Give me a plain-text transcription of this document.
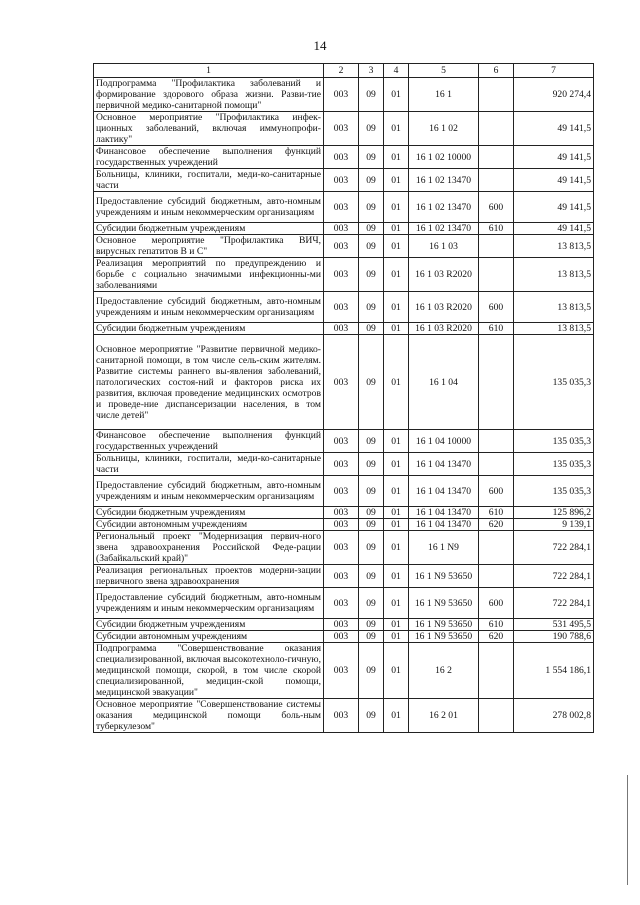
14
1	2	3	4	5	6	7
Подпрограмма "Профилактика заболеваний и формирование здорового образа жизни. Разви-тие первичной медико-санитарной помощи"	003	09	01	16 1		920 274,4
Основное мероприятие "Профилактика инфек-ционных заболеваний, включая иммунопрофи-лактику"	003	09	01	16 1 02		49 141,5
Финансовое обеспечение выполнения функций государственных учреждений	003	09	01	16 1 02 10000		49 141,5
Больницы, клиники, госпитали, меди-ко-санитарные части	003	09	01	16 1 02 13470		49 141,5
Предоставление субсидий бюджетным, авто-номным учреждениям и иным некоммерческим организациям	003	09	01	16 1 02 13470	600	49 141,5
Субсидии бюджетным учреждениям	003	09	01	16 1 02 13470	610	49 141,5
Основное мероприятие "Профилактика ВИЧ, вирусных гепатитов В и С"	003	09	01	16 1 03		13 813,5
Реализация мероприятий по предупреждению и борьбе с социально значимыми инфекционны-ми заболеваниями	003	09	01	16 1 03 R2020		13 813,5
Предоставление субсидий бюджетным, авто-номным учреждениям и иным некоммерческим организациям	003	09	01	16 1 03 R2020	600	13 813,5
Субсидии бюджетным учреждениям	003	09	01	16 1 03 R2020	610	13 813,5
Основное мероприятие "Развитие первичной медико-санитарной помощи, в том числе сель-ским жителям. Развитие системы раннего вы-явления заболеваний, патологических состоя-ний и факторов риска их развития, включая проведение медицинских осмотров и проведе-ние диспансеризации населения, в том числе детей"	003	09	01	16 1 04		135 035,3
Финансовое обеспечение выполнения функций государственных учреждений	003	09	01	16 1 04 10000		135 035,3
Больницы, клиники, госпитали, меди-ко-санитарные части	003	09	01	16 1 04 13470		135 035,3
Предоставление субсидий бюджетным, авто-номным учреждениям и иным некоммерческим организациям	003	09	01	16 1 04 13470	600	135 035,3
Субсидии бюджетным учреждениям	003	09	01	16 1 04 13470	610	125 896,2
Субсидии автономным учреждениям	003	09	01	16 1 04 13470	620	9 139,1
Региональный проект "Модернизация первич-ного звена здравоохранения Российской Феде-рации (Забайкальский край)"	003	09	01	16 1 N9		722 284,1
Реализация региональных проектов модерни-зации первичного звена здравоохранения	003	09	01	16 1 N9 53650		722 284,1
Предоставление субсидий бюджетным, авто-номным учреждениям и иным некоммерческим организациям	003	09	01	16 1 N9 53650	600	722 284,1
Субсидии бюджетным учреждениям	003	09	01	16 1 N9 53650	610	531 495,5
Субсидии автономным учреждениям	003	09	01	16 1 N9 53650	620	190 788,6
Подпрограмма "Совершенствование оказания специализированной, включая высокотехноло-гичную, медицинской помощи, скорой, в том числе скорой специализированной, медицин-ской помощи, медицинской эвакуации"	003	09	01	16 2		1 554 186,1
Основное мероприятие "Совершенствование системы оказания медицинской помощи боль-ным туберкулезом"	003	09	01	16 2 01		278 002,8
